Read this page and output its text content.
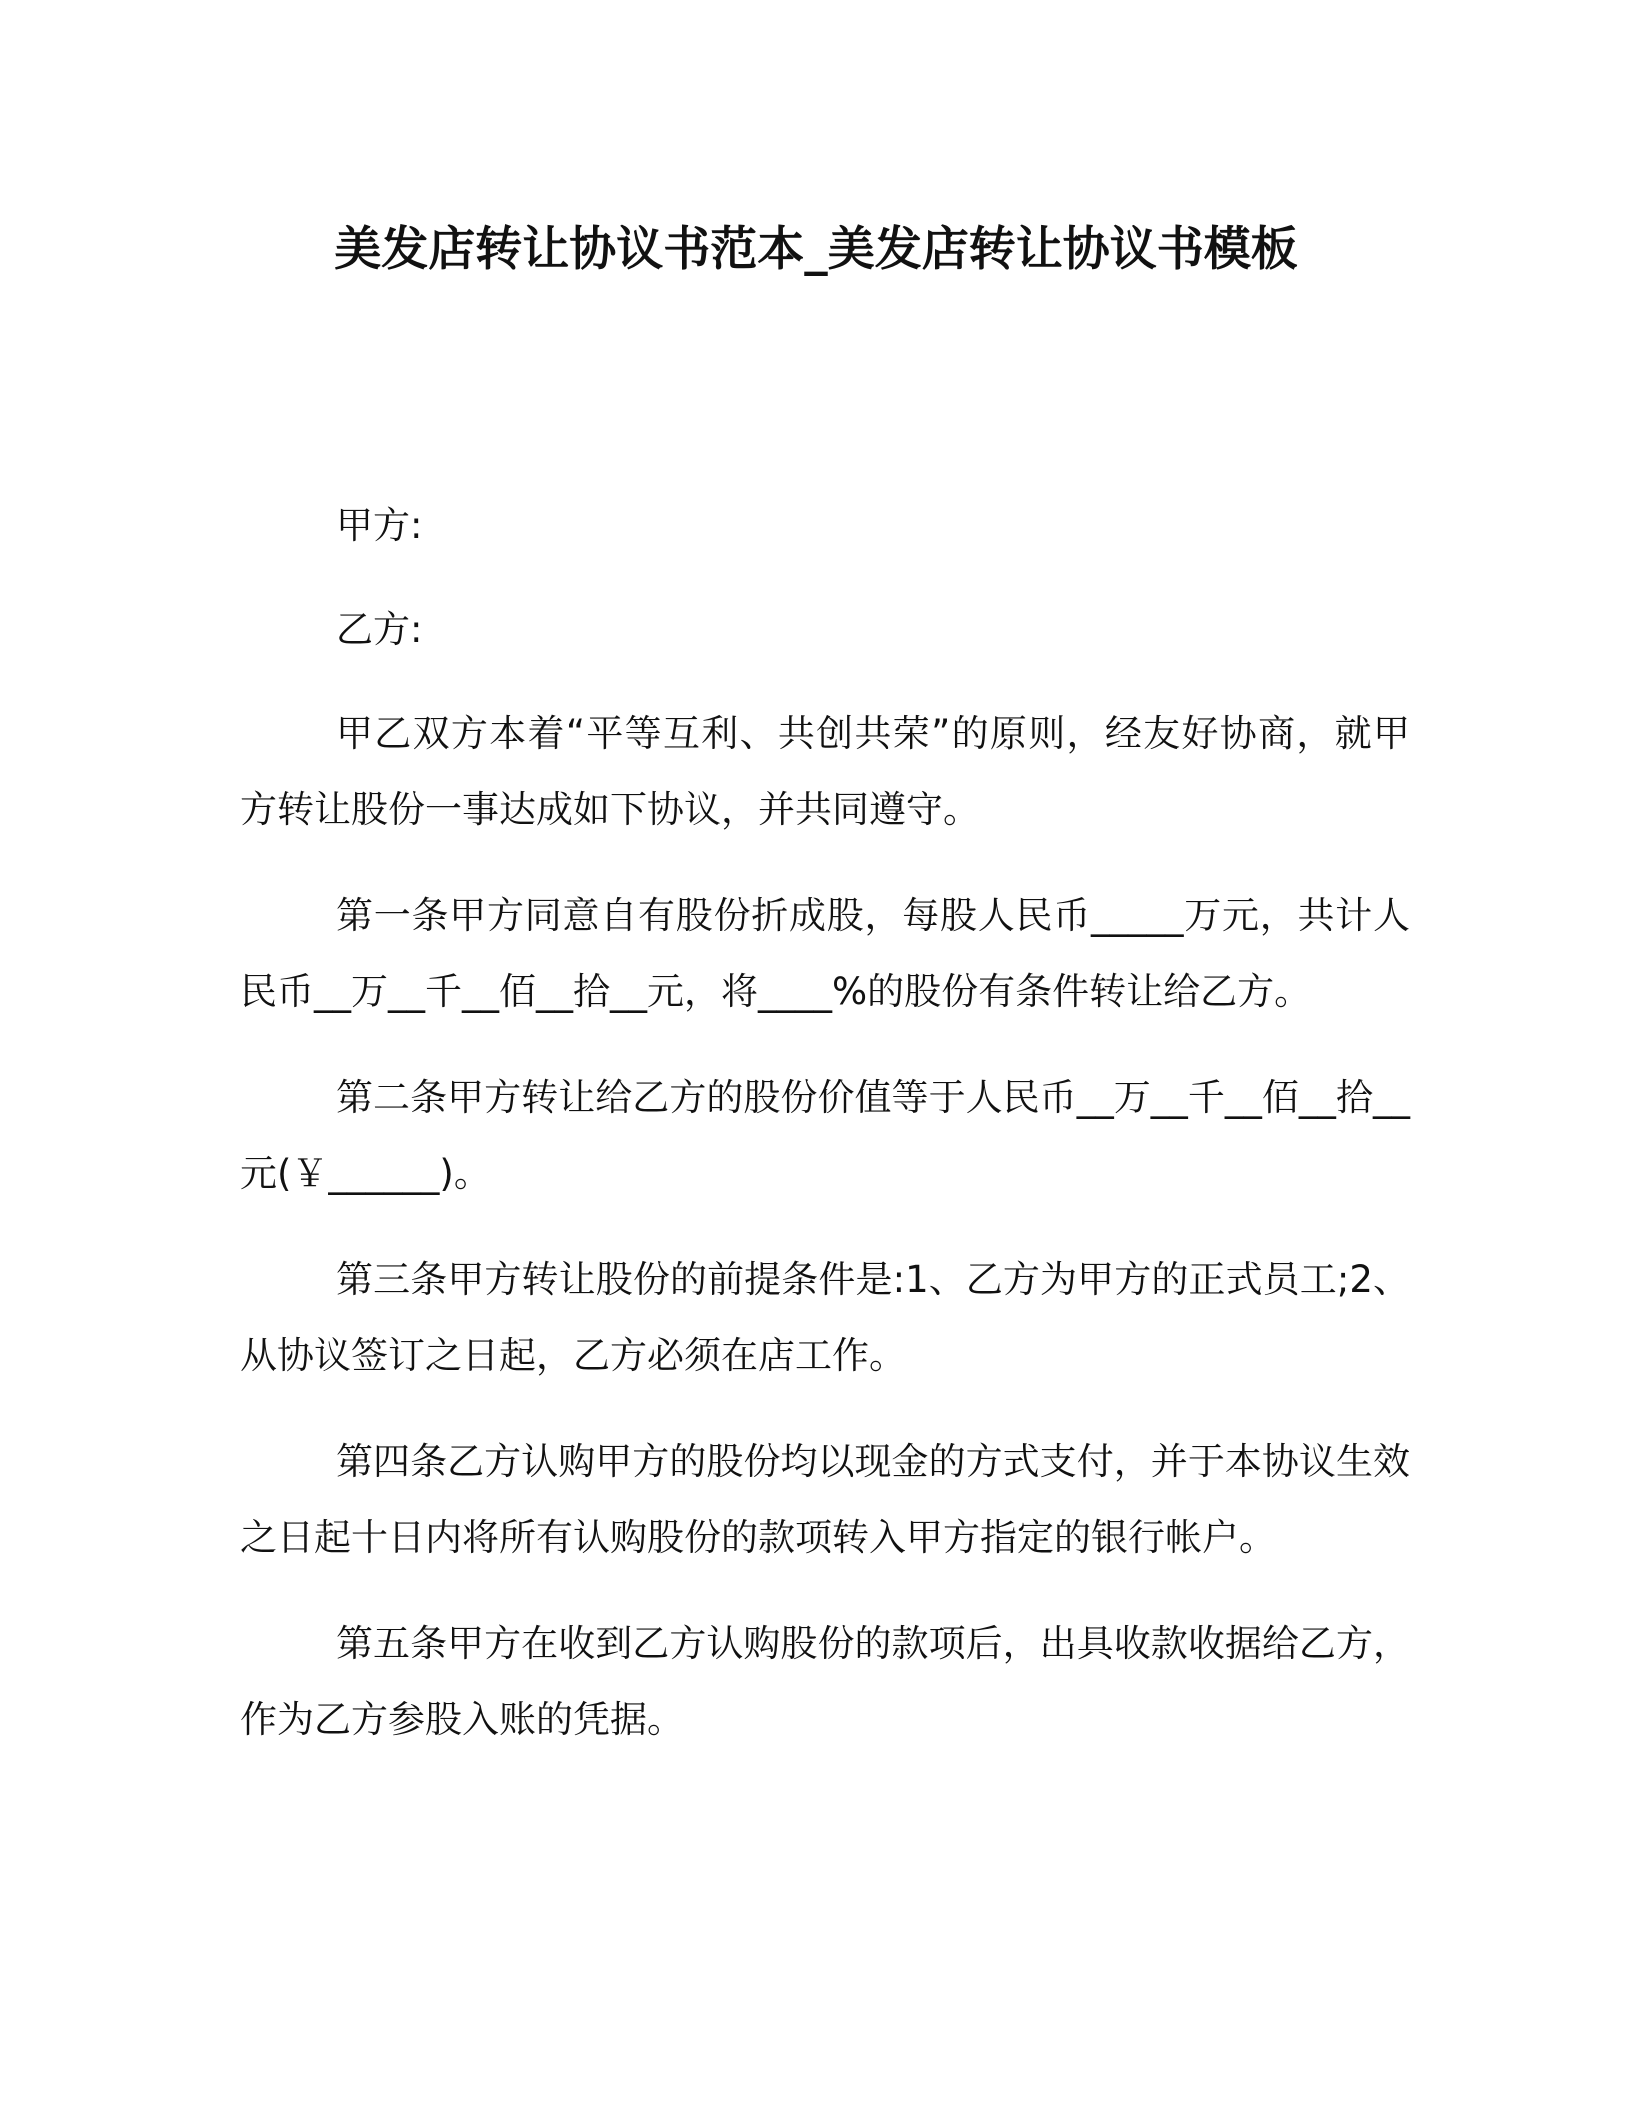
美发店转让协议书范本_美发店转让协议书模板

甲方:

乙方:

甲乙双方本着“平等互利、共创共荣”的原则，经友好协商，就甲方转让股份一事达成如下协议，并共同遵守。

第一条甲方同意自有股份折成股，每股人民币_____万元，共计人民币__万__千__佰__拾__元，将____%的股份有条件转让给乙方。

第二条甲方转让给乙方的股份价值等于人民币__万__千__佰__拾__元(￥______)。

第三条甲方转让股份的前提条件是:1、乙方为甲方的正式员工;2、从协议签订之日起，乙方必须在店工作。

第四条乙方认购甲方的股份均以现金的方式支付，并于本协议生效之日起十日内将所有认购股份的款项转入甲方指定的银行帐户。

第五条甲方在收到乙方认购股份的款项后，出具收款收据给乙方，作为乙方参股入账的凭据。
